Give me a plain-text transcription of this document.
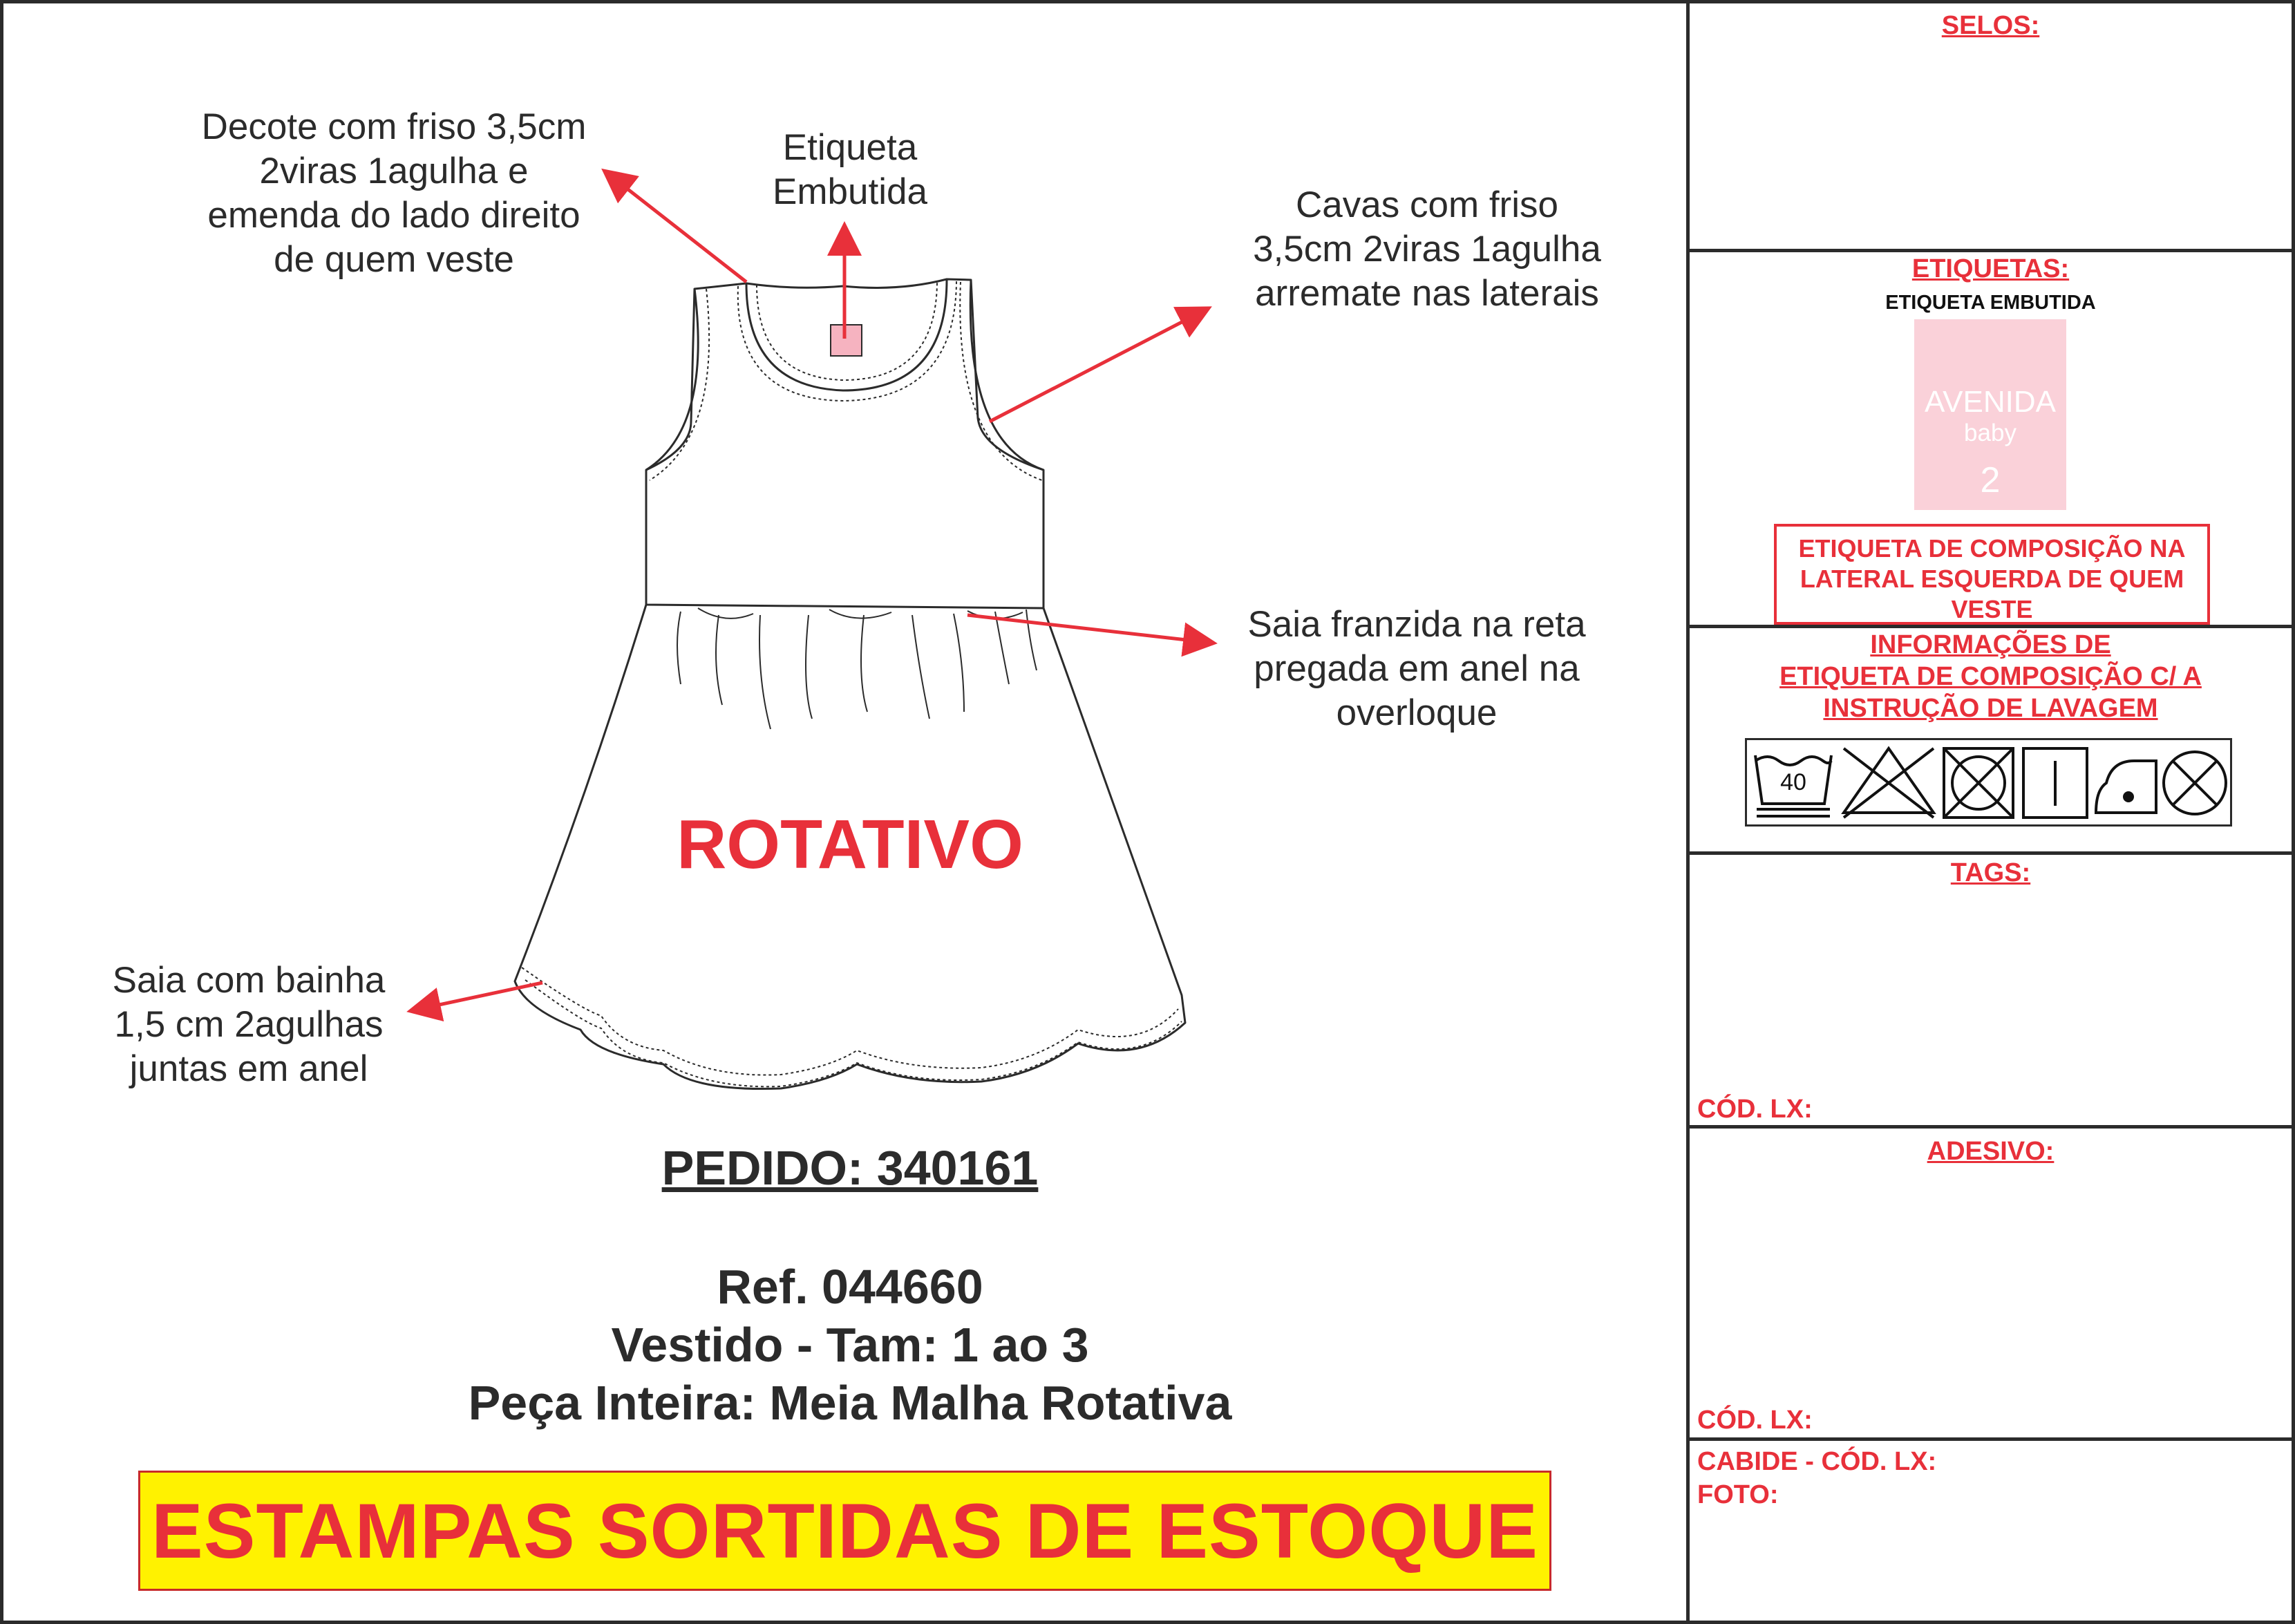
Decote com friso 3,5cm
2viras 1agulha e
emenda do lado direito
de quem veste
Etiqueta
Embutida	Cavas com friso
3,5cm 2viras 1agulha
arremate nas laterais
Saia franzida na reta
pregada em anel na
overloque
Saia com bainha
1,5 cm 2agulhas
juntas em anel
ROTATIVO
PEDIDO: 340161
Ref. 044660
Vestido - Tam: 1 ao 3
Peça Inteira: Meia Malha Rotativa
ESTAMPAS SORTIDAS DE ESTOQUE
SELOS:
ETIQUETAS:
ETIQUETA EMBUTIDA
AVENIDA
baby
2
ETIQUETA DE COMPOSIÇÃO NA LATERAL ESQUERDA DE QUEM VESTE
INFORMAÇÕES DE
ETIQUETA DE COMPOSIÇÃO C/ A
INSTRUÇÃO DE LAVAGEM
40
TAGS:
CÓD. LX:
ADESIVO:
CÓD. LX:
CABIDE - CÓD. LX:
FOTO:
